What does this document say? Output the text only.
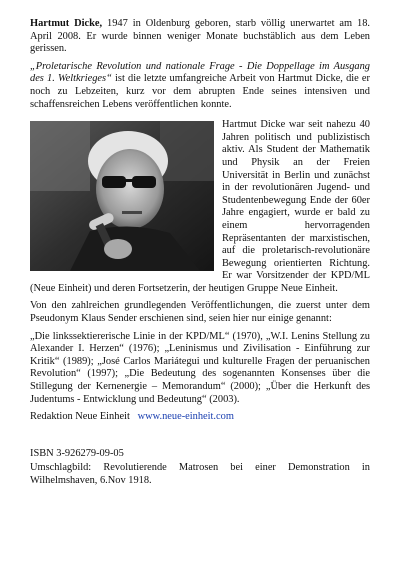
Hartmut Dicke, 1947 in Oldenburg geboren, starb völlig unerwartet am 18. April 2008. Er wurde binnen weniger Monate buchstäblich aus dem Leben gerissen.

„Proletarische Revolution und nationale Frage - Die Doppellage im Ausgang des 1. Weltkrieges“ ist die letzte umfangreiche Arbeit von Hartmut Dicke, die er noch zu Lebzeiten, kurz vor dem abrupten Ende seines intensiven und schaffensreichen Lebens veröffentlichen konnte.

Hartmut Dicke war seit nahezu 40 Jahren politisch und publizistisch aktiv. Als Student der Mathematik und Physik an der Freien Universität in Berlin und zunächst in der revolutionären Jugend- und Studentenbewegung Ende der 60er Jahre engagiert, wurde er bald zu einem hervorragenden Repräsentanten der marxistischen, auf die proletarisch-revolutionäre Bewegung orientierten Richtung. Er war Vorsitzender der KPD/ML (Neue Einheit) und deren Fortsetzerin, der heutigen Gruppe Neue Einheit.

Von den zahlreichen grundlegenden Veröffentlichungen, die zuerst unter dem Pseudonym Klaus Sender erschienen sind, seien hier nur einige genannt:

„Die linkssektiererische Linie in der KPD/ML“ (1970), „W.I. Lenins Stellung zu Alexander I. Herzen“ (1976); „Leninismus und Zivilisation - Einführung zur Kritik“ (1989); „José Carlos Mariátegui und kulturelle Fragen der peruanischen Revolution“ (1997); „Die Bedeutung des sogenannten Konsenses über die Stillegung der Kernenergie – Memorandum“ (2000); „Über die Herkunft des Judentums - Entwicklung und Bedeutung“ (2003).

Redaktion Neue Einheit www.neue-einheit.com

ISBN 3-926279-09-05

Umschlagbild: Revolutierende Matrosen bei einer Demonstration in Wilhelmshaven, 6.Nov 1918.
